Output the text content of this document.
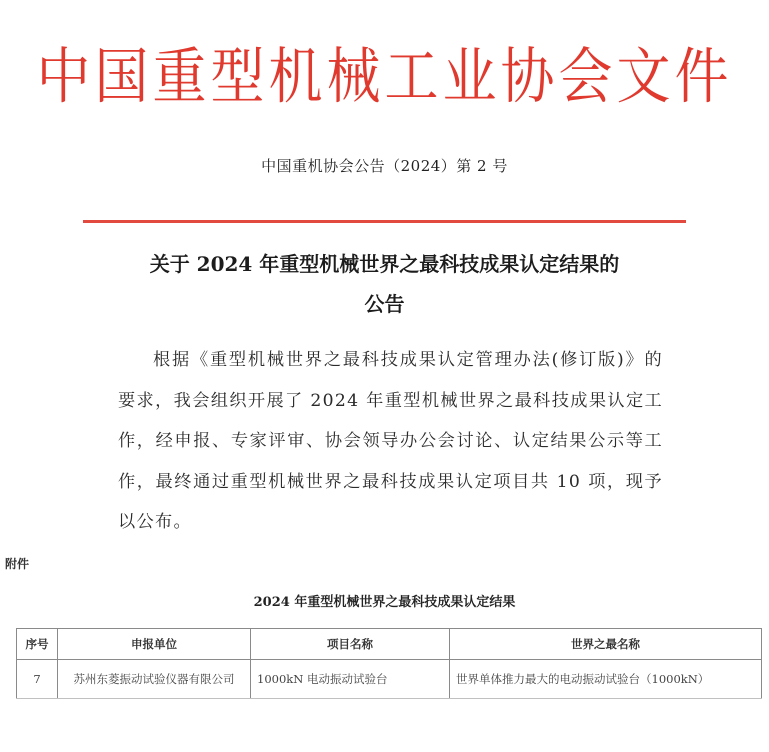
中国重型机械工业协会文件
中国重机协会公告（2024）第 2 号
关于 2024 年重型机械世界之最科技成果认定结果的
公告
根据《重型机械世界之最科技成果认定管理办法(修订版)》的要求，我会组织开展了 2024 年重型机械世界之最科技成果认定工作，经申报、专家评审、协会领导办公会讨论、认定结果公示等工作，最终通过重型机械世界之最科技成果认定项目共 10 项，现予以公布。
附件
2024 年重型机械世界之最科技成果认定结果
序号	申报单位	项目名称	世界之最名称
7	苏州东菱振动试验仪器有限公司	1000kN 电动振动试验台	世界单体推力最大的电动振动试验台（1000kN）
